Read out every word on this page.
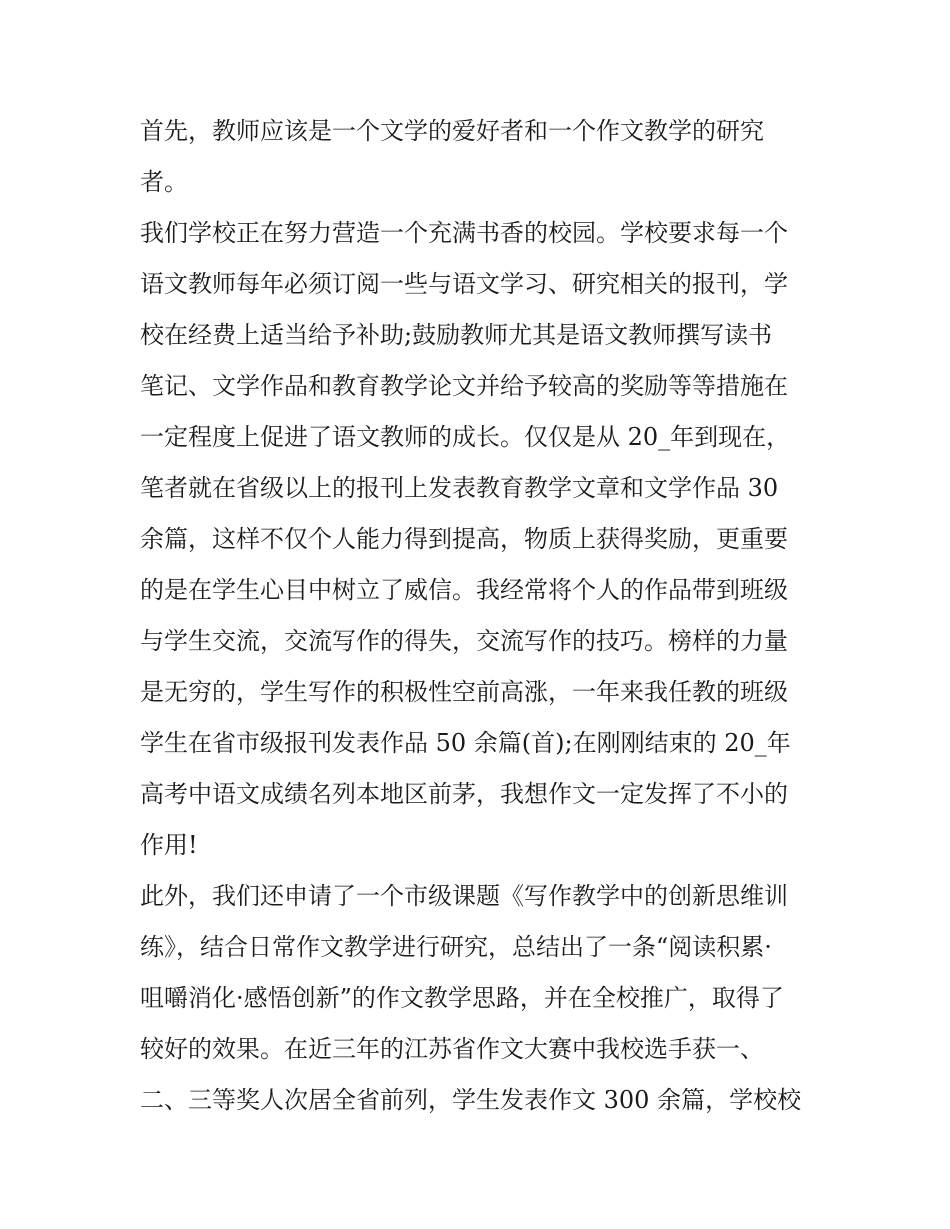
首先，教师应该是一个文学的爱好者和一个作文教学的研究
者。
我们学校正在努力营造一个充满书香的校园。学校要求每一个
语文教师每年必须订阅一些与语文学习、研究相关的报刊，学
校在经费上适当给予补助;鼓励教师尤其是语文教师撰写读书
笔记、文学作品和教育教学论文并给予较高的奖励等等措施在
一定程度上促进了语文教师的成长。仅仅是从 20_年到现在，
笔者就在省级以上的报刊上发表教育教学文章和文学作品 30
余篇，这样不仅个人能力得到提高，物质上获得奖励，更重要
的是在学生心目中树立了威信。我经常将个人的作品带到班级
与学生交流，交流写作的得失，交流写作的技巧。榜样的力量
是无穷的，学生写作的积极性空前高涨，一年来我任教的班级
学生在省市级报刊发表作品 50 余篇(首);在刚刚结束的 20_年
高考中语文成绩名列本地区前茅，我想作文一定发挥了不小的
作用!
此外，我们还申请了一个市级课题《写作教学中的创新思维训
练》，结合日常作文教学进行研究，总结出了一条“阅读积累·
咀嚼消化·感悟创新”的作文教学思路，并在全校推广，取得了
较好的效果。在近三年的江苏省作文大赛中我校选手获一、
二、三等奖人次居全省前列，学生发表作文 300 余篇，学校校
